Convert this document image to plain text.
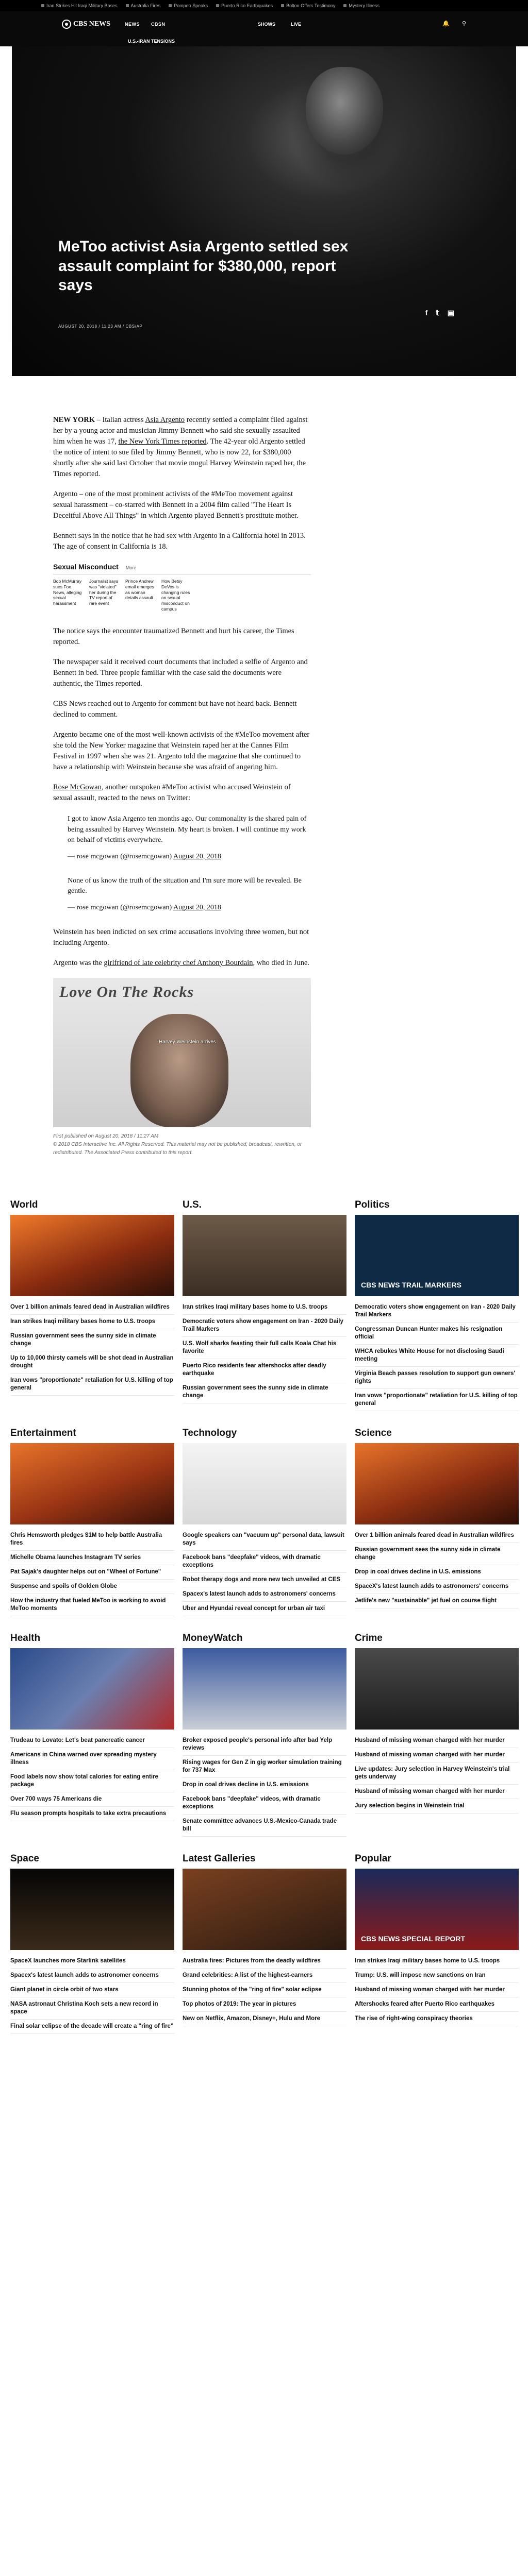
Iran Strikes Hit Iraqi Military Bases	Australia Fires	Pompeo Speaks	Puerto Rico Earthquakes	Bolton Offers Testimony	Mystery Illness
CBS NEWS	NEWS CBSN	SHOWS	LIVE	🔔 ⚲
U.S.-IRAN TENSIONS
MeToo activist Asia Argento settled sex assault complaint for $380,000, report says
f 𝕥 ▣
AUGUST 20, 2018 / 11:23 AM / CBS/AP

NEW YORK – Italian actress Asia Argento recently settled a complaint filed against her by a young actor and musician Jimmy Bennett who said she sexually assaulted him when he was 17, the New York Times reported. The 42-year old Argento settled the notice of intent to sue filed by Jimmy Bennett, who is now 22, for $380,000 shortly after she said last October that movie mogul Harvey Weinstein raped her, the Times reported.

Argento – one of the most prominent activists of the #MeToo movement against sexual harassment – co-starred with Bennett in a 2004 film called "The Heart Is Deceitful Above All Things" in which Argento played Bennett's prostitute mother.

Bennett says in the notice that he had sex with Argento in a California hotel in 2013. The age of consent in California is 18.

Sexual Misconduct More
Bob McMurray sues Fox News, alleging sexual harassment
Journalist says was "violated" her during the TV report of rare event
Prince Andrew email emerges as woman details assault
How Betsy DeVos is changing rules on sexual misconduct on campus

The notice says the encounter traumatized Bennett and hurt his career, the Times reported.

The newspaper said it received court documents that included a selfie of Argento and Bennett in bed. Three people familiar with the case said the documents were authentic, the Times reported.

CBS News reached out to Argento for comment but have not heard back. Bennett declined to comment.

Argento became one of the most well-known activists of the #MeToo movement after she told the New Yorker magazine that Weinstein raped her at the Cannes Film Festival in 1997 when she was 21. Argento told the magazine that she continued to have a relationship with Weinstein because she was afraid of angering him.

Rose McGowan, another outspoken #MeToo activist who accused Weinstein of sexual assault, reacted to the news on Twitter:

I got to know Asia Argento ten months ago. Our commonality is the shared pain of being assaulted by Harvey Weinstein. My heart is broken. I will continue my work on behalf of victims everywhere.

— rose mcgowan (@rosemcgowan) August 20, 2018

None of us know the truth of the situation and I'm sure more will be revealed. Be gentle.

— rose mcgowan (@rosemcgowan) August 20, 2018

Weinstein has been indicted on sex crime accusations involving three women, but not including Argento.

Argento was the girlfriend of late celebrity chef Anthony Bourdain, who died in June.

Love On The Rocks
Harvey Weinstein arrives
First published on August 20, 2018 / 11:27 AM
© 2018 CBS Interactive Inc. All Rights Reserved. This material may not be published, broadcast, rewritten, or redistributed. The Associated Press contributed to this report.
World
Over 1 billion animals feared dead in Australian wildfires
Iran strikes Iraqi military bases home to U.S. troops
Russian government sees the sunny side in climate change
Up to 10,000 thirsty camels will be shot dead in Australian drought
Iran vows "proportionate" retaliation for U.S. killing of top general
U.S.
Iran strikes Iraqi military bases home to U.S. troops
Democratic voters show engagement on Iran - 2020 Daily Trail Markers
U.S. Wolf sharks feasting their full calls Koala Chat his favorite
Puerto Rico residents fear aftershocks after deadly earthquake
Russian government sees the sunny side in climate change
Politics
CBS NEWS TRAIL MARKERS
Democratic voters show engagement on Iran - 2020 Daily Trail Markers
Congressman Duncan Hunter makes his resignation official
WHCA rebukes White House for not disclosing Saudi meeting
Virginia Beach passes resolution to support gun owners' rights
Iran vows "proportionate" retaliation for U.S. killing of top general
Entertainment
Chris Hemsworth pledges $1M to help battle Australia fires
Michelle Obama launches Instagram TV series
Pat Sajak's daughter helps out on "Wheel of Fortune"
Suspense and spoils of Golden Globe
How the industry that fueled MeToo is working to avoid MeToo moments
Technology
Google speakers can "vacuum up" personal data, lawsuit says
Facebook bans "deepfake" videos, with dramatic exceptions
Robot therapy dogs and more new tech unveiled at CES
Spacex's latest launch adds to astronomers' concerns
Uber and Hyundai reveal concept for urban air taxi
Science
Over 1 billion animals feared dead in Australian wildfires
Russian government sees the sunny side in climate change
Drop in coal drives decline in U.S. emissions
SpaceX's latest launch adds to astronomers' concerns
Jetlife's new "sustainable" jet fuel on course flight
Health
Trudeau to Lovato: Let's beat pancreatic cancer
Americans in China warned over spreading mystery illness
Food labels now show total calories for eating entire package
Over 700 ways 75 Americans die
Flu season prompts hospitals to take extra precautions
MoneyWatch
Broker exposed people's personal info after bad Yelp reviews
Rising wages for Gen Z in gig worker simulation training for 737 Max
Drop in coal drives decline in U.S. emissions
Facebook bans "deepfake" videos, with dramatic exceptions
Senate committee advances U.S.-Mexico-Canada trade bill
Crime
Husband of missing woman charged with her murder
Husband of missing woman charged with her murder
Live updates: Jury selection in Harvey Weinstein's trial gets underway
Husband of missing woman charged with her murder
Jury selection begins in Weinstein trial
Space
SpaceX launches more Starlink satellites
Spacex's latest launch adds to astronomer concerns
Giant planet in circle orbit of two stars
NASA astronaut Christina Koch sets a new record in space
Final solar eclipse of the decade will create a "ring of fire"
Latest Galleries
Australia fires: Pictures from the deadly wildfires
Grand celebrities: A list of the highest-earners
Stunning photos of the "ring of fire" solar eclipse
Top photos of 2019: The year in pictures
New on Netflix, Amazon, Disney+, Hulu and More
Popular
CBS NEWS SPECIAL REPORT
Iran strikes Iraqi military bases home to U.S. troops
Trump: U.S. will impose new sanctions on Iran
Husband of missing woman charged with her murder
Aftershocks feared after Puerto Rico earthquakes
The rise of right-wing conspiracy theories
